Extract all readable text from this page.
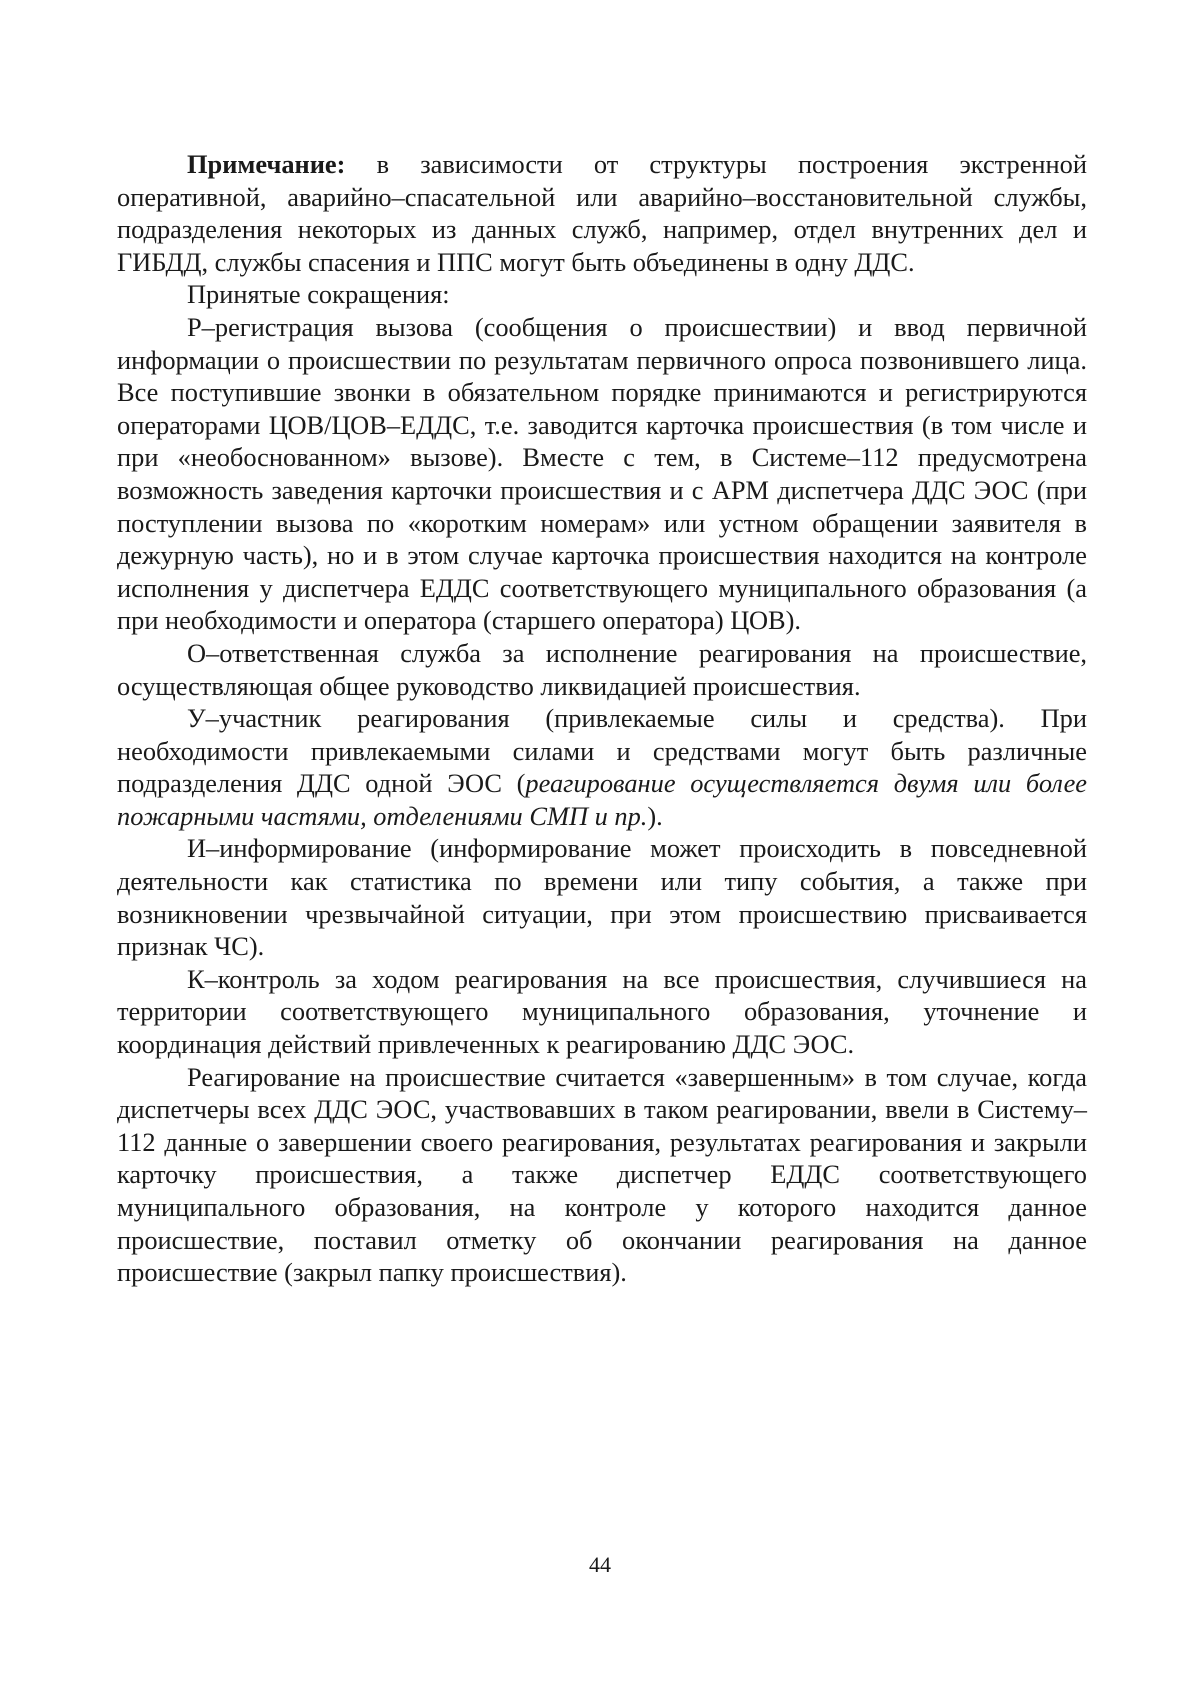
Примечание: в зависимости от структуры построения экстренной оперативной, аварийно–спасательной или аварийно–восстановительной службы, подразделения некоторых из данных служб, например, отдел внутренних дел и ГИБДД, службы спасения и ППС могут быть объединены в одну ДДС.

Принятые сокращения:

Р–регистрация вызова (сообщения о происшествии) и ввод первичной информации о происшествии по результатам первичного опроса позвонившего лица. Все поступившие звонки в обязательном порядке принимаются и регистрируются операторами ЦОВ/ЦОВ–ЕДДС, т.е. заводится карточка происшествия (в том числе и при «необоснованном» вызове). Вместе с тем, в Системе–112 предусмотрена возможность заведения карточки происшествия и с АРМ диспетчера ДДС ЭОС (при поступлении вызова по «коротким номерам» или устном обращении заявителя в дежурную часть), но и в этом случае карточка происшествия находится на контроле исполнения у диспетчера ЕДДС соответствующего муниципального образования (а при необходимости и оператора (старшего оператора) ЦОВ).

О–ответственная служба за исполнение реагирования на происшествие, осуществляющая общее руководство ликвидацией происшествия.

У–участник реагирования (привлекаемые силы и средства). При необходимости привлекаемыми силами и средствами могут быть различные подразделения ДДС одной ЭОС (реагирование осуществляется двумя или более пожарными частями, отделениями СМП и пр.).

И–информирование (информирование может происходить в повседневной деятельности как статистика по времени или типу события, а также при возникновении чрезвычайной ситуации, при этом происшествию присваивается признак ЧС).

К–контроль за ходом реагирования на все происшествия, случившиеся на территории соответствующего муниципального образования, уточнение и координация действий привлеченных к реагированию ДДС ЭОС.

Реагирование на происшествие считается «завершенным» в том случае, когда диспетчеры всех ДДС ЭОС, участвовавших в таком реагировании, ввели в Систему–112 данные о завершении своего реагирования, результатах реагирования и закрыли карточку происшествия, а также диспетчер ЕДДС соответствующего муниципального образования, на контроле у которого находится данное происшествие, поставил отметку об окончании реагирования на данное происшествие (закрыл папку происшествия).

44
